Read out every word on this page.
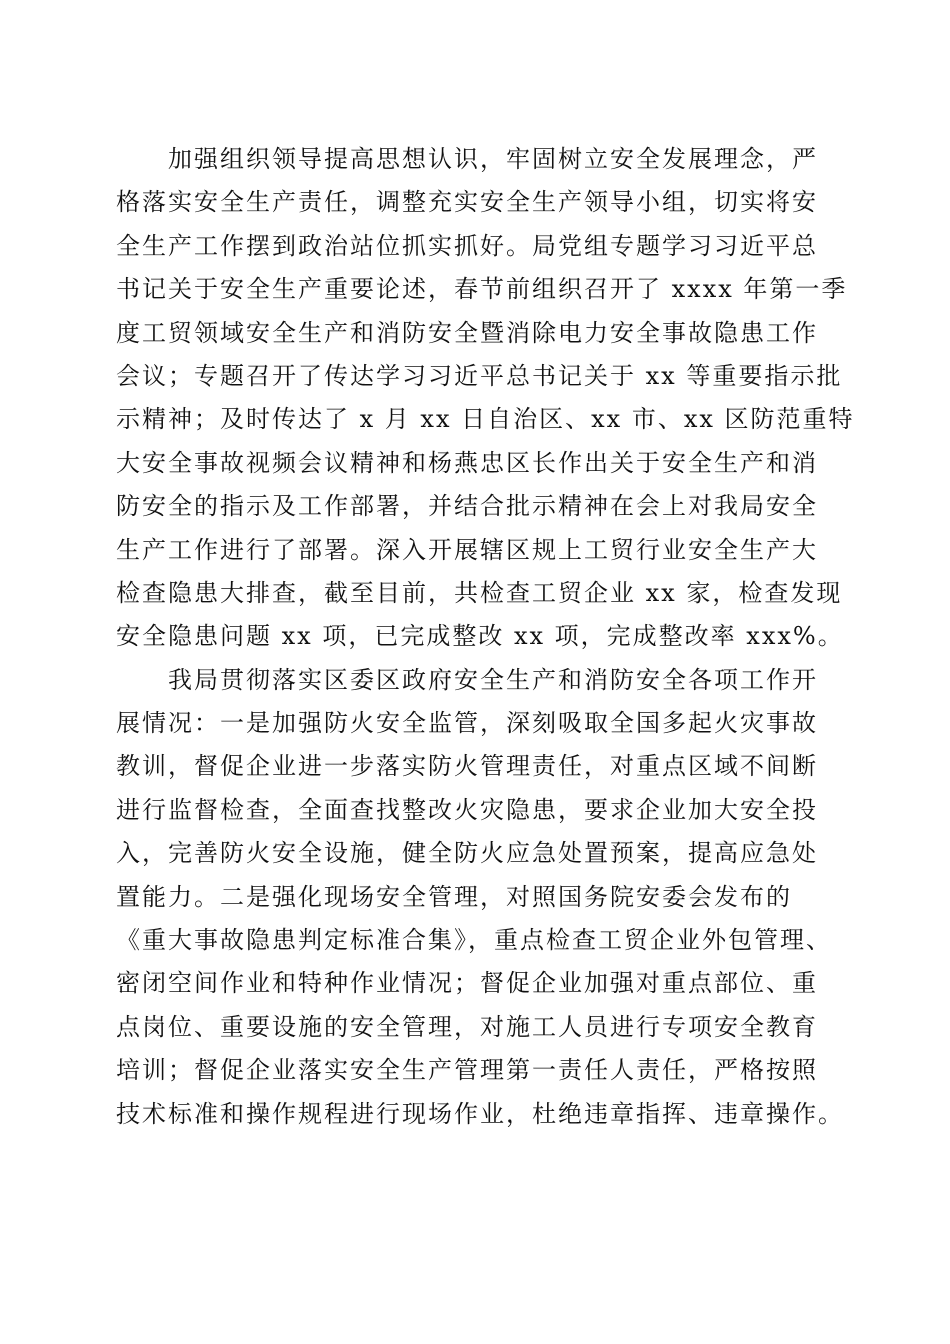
加强组织领导提高思想认识，牢固树立安全发展理念，严
格落实安全生产责任，调整充实安全生产领导小组，切实将安
全生产工作摆到政治站位抓实抓好。局党组专题学习习近平总
书记关于安全生产重要论述，春节前组织召开了 xxxx 年第一季
度工贸领域安全生产和消防安全暨消除电力安全事故隐患工作
会议；专题召开了传达学习习近平总书记关于 xx 等重要指示批
示精神；及时传达了 x 月 xx 日自治区、xx 市、xx 区防范重特
大安全事故视频会议精神和杨燕忠区长作出关于安全生产和消
防安全的指示及工作部署，并结合批示精神在会上对我局安全
生产工作进行了部署。深入开展辖区规上工贸行业安全生产大
检查隐患大排查，截至目前，共检查工贸企业 xx 家，检查发现
安全隐患问题 xx 项，已完成整改 xx 项，完成整改率 xxx%。
我局贯彻落实区委区政府安全生产和消防安全各项工作开
展情况：一是加强防火安全监管，深刻吸取全国多起火灾事故
教训，督促企业进一步落实防火管理责任，对重点区域不间断
进行监督检查，全面查找整改火灾隐患，要求企业加大安全投
入，完善防火安全设施，健全防火应急处置预案，提高应急处
置能力。二是强化现场安全管理，对照国务院安委会发布的
《重大事故隐患判定标准合集》，重点检查工贸企业外包管理、
密闭空间作业和特种作业情况；督促企业加强对重点部位、重
点岗位、重要设施的安全管理，对施工人员进行专项安全教育
培训；督促企业落实安全生产管理第一责任人责任，严格按照
技术标准和操作规程进行现场作业，杜绝违章指挥、违章操作。
